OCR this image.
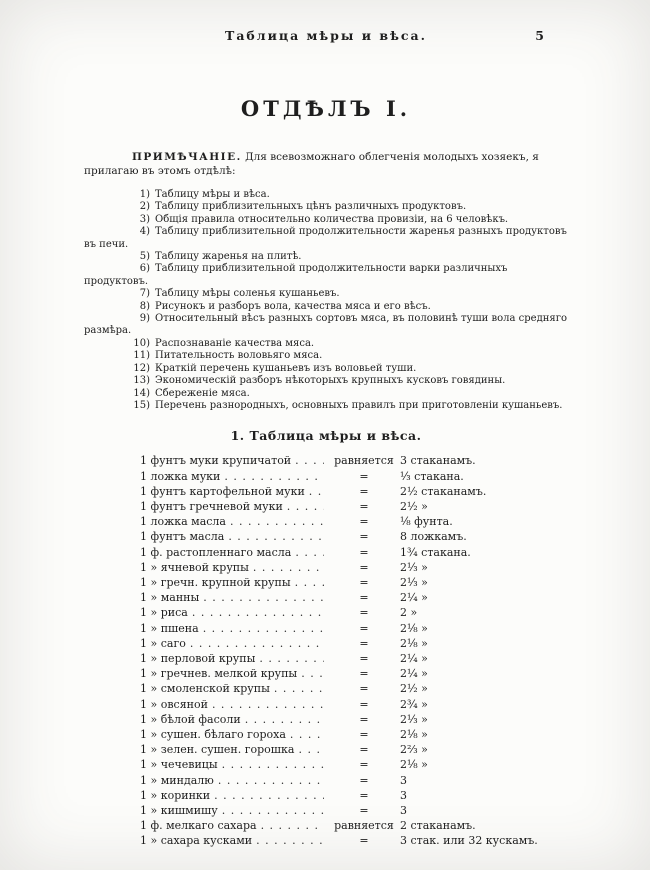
Таблица мѣры и вѣса.	5
ОТДѢЛЪ I.

ПРИМѢЧАНІЕ. Для всевозможнаго облегченія молодыхъ хозяекъ, я прилагаю въ этомъ отдѣлѣ:

1) Таблицу мѣры и вѣса.
2) Таблицу приблизительныхъ цѣнъ различныхъ продуктовъ.
3) Общія правила относительно количества провизіи, на 6 человѣкъ.
4) Таблицу приблизительной продолжительности жаренья разныхъ продуктовъ въ печи.
5) Таблицу жаренья на плитѣ.
6) Таблицу приблизительной продолжительности варки различныхъ продуктовъ.
7) Таблицу мѣры соленья кушаньевъ.
8) Рисунокъ и разборъ вола, качества мяса и его вѣсъ.
9) Относительный вѣсъ разныхъ сортовъ мяса, въ половинѣ туши вола средняго размѣра.
10) Распознаваніе качества мяса.
11) Питательность воловьяго мяса.
12) Краткій перечень кушаньевъ изъ воловьей туши.
13) Экономическій разборъ нѣкоторыхъ крупныхъ кусковъ говядины.
14) Сбереженіе мяса.
15) Перечень разнородныхъ, основныхъ правилъ при приготовленіи кушаньевъ.
1. Таблица мѣры и вѣса.
1 фунтъ муки крупичатой . . .	равняется 3 стаканамъ.
1 ложка муки . . .	=	⅓ стакана.
1 фунтъ картофельной муки . . .	=	2½ стаканамъ.
1 фунтъ гречневой муки . . .	=	2½ »
1 ложка масла . . .	=	⅛ фунта.
1 фунтъ масла . . .	=	8 ложкамъ.
1 ф. растопленнаго масла . . .	=	1¾ стакана.
1 » ячневой крупы . . .	=	2⅓ »
1 » гречн. крупной крупы . . .	=	2⅓ »
1 » манны . . .	=	2¼ »
1 » риса . . .	=	2 »
1 » пшена . . .	=	2⅛ »
1 » саго . . .	=	2⅛ »
1 » перловой крупы . . .	=	2¼ »
1 » гречнев. мелкой крупы . . .	=	2¼ »
1 » смоленской крупы . . .	=	2½ »
1 » овсяной . . .	=	2¾ »
1 » бѣлой фасоли . . .	=	2⅓ »
1 » сушен. бѣлаго гороха . . .	=	2⅛ »
1 » зелен. сушен. горошка . . .	=	2⅔ »
1 » чечевицы . . .	=	2⅛ »
1 » миндалю . . .	=	3
1 » коринки . . .	=	3
1 » кишмишу . . .	=	3
1 ф. мелкаго сахара . . .	равняется 2 стаканамъ.
1 » сахара кусками . . .	=	3 стак. или 32 кускамъ.
